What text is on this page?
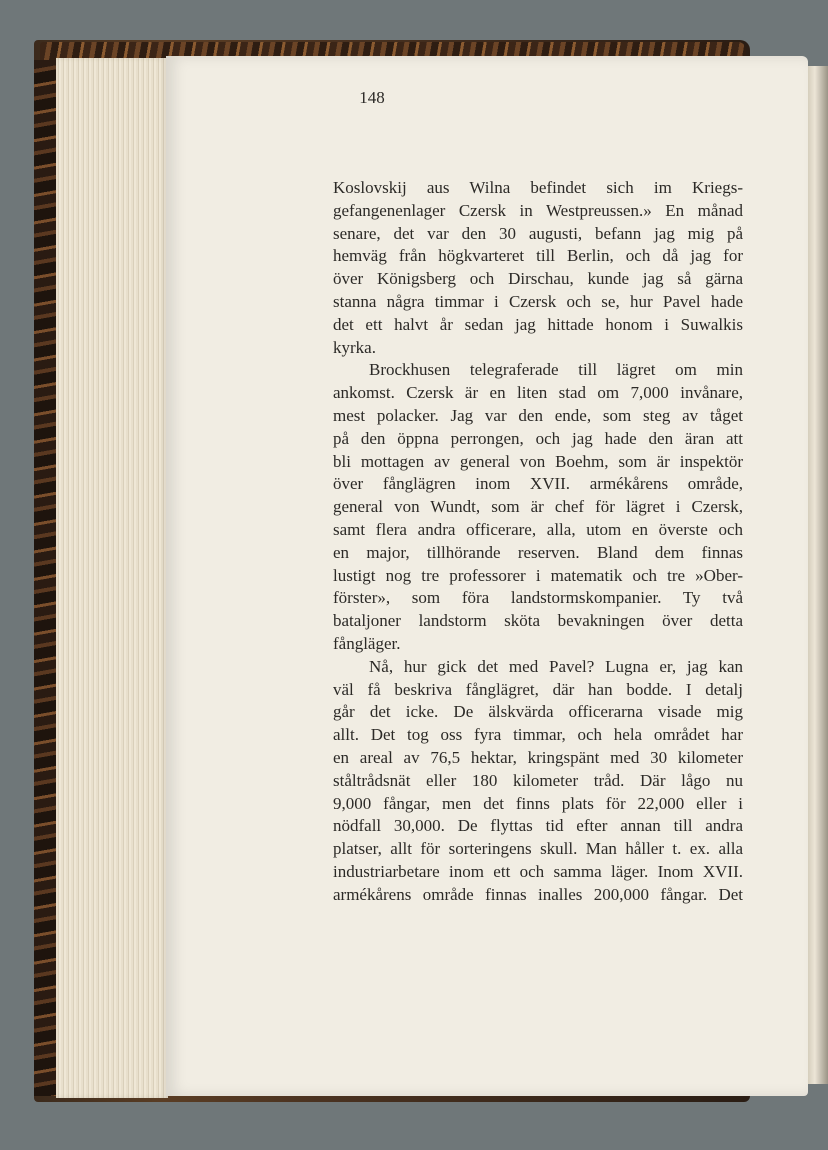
148
Koslovskij aus Wilna befindet sich im Kriegs-
gefangenenlager Czersk in Westpreussen.» En månad
senare, det var den 30 augusti, befann jag mig på
hemväg från högkvarteret till Berlin, och då jag for
över Königsberg och Dirschau, kunde jag så gärna
stanna några timmar i Czersk och se, hur Pavel hade
det ett halvt år sedan jag hittade honom i Suwalkis
kyrka.
Brockhusen telegraferade till lägret om min
ankomst. Czersk är en liten stad om 7,000 invånare,
mest polacker. Jag var den ende, som steg av tåget
på den öppna perrongen, och jag hade den äran att
bli mottagen av general von Boehm, som är inspektör
över fånglägren inom XVII. armékårens område,
general von Wundt, som är chef för lägret i Czersk,
samt flera andra officerare, alla, utom en överste och
en major, tillhörande reserven. Bland dem finnas
lustigt nog tre professorer i matematik och tre »Ober-
förster», som föra landstormskompanier. Ty två
bataljoner landstorm sköta bevakningen över detta
fångläger.
Nå, hur gick det med Pavel? Lugna er, jag kan
väl få beskriva fånglägret, där han bodde. I detalj
går det icke. De älskvärda officerarna visade mig
allt. Det tog oss fyra timmar, och hela området har
en areal av 76,5 hektar, kringspänt med 30 kilometer
ståltrådsnät eller 180 kilometer tråd. Där lågo nu
9,000 fångar, men det finns plats för 22,000 eller i
nödfall 30,000. De flyttas tid efter annan till andra
platser, allt för sorteringens skull. Man håller t. ex. alla
industriarbetare inom ett och samma läger. Inom XVII.
armékårens område finnas inalles 200,000 fångar. Det
